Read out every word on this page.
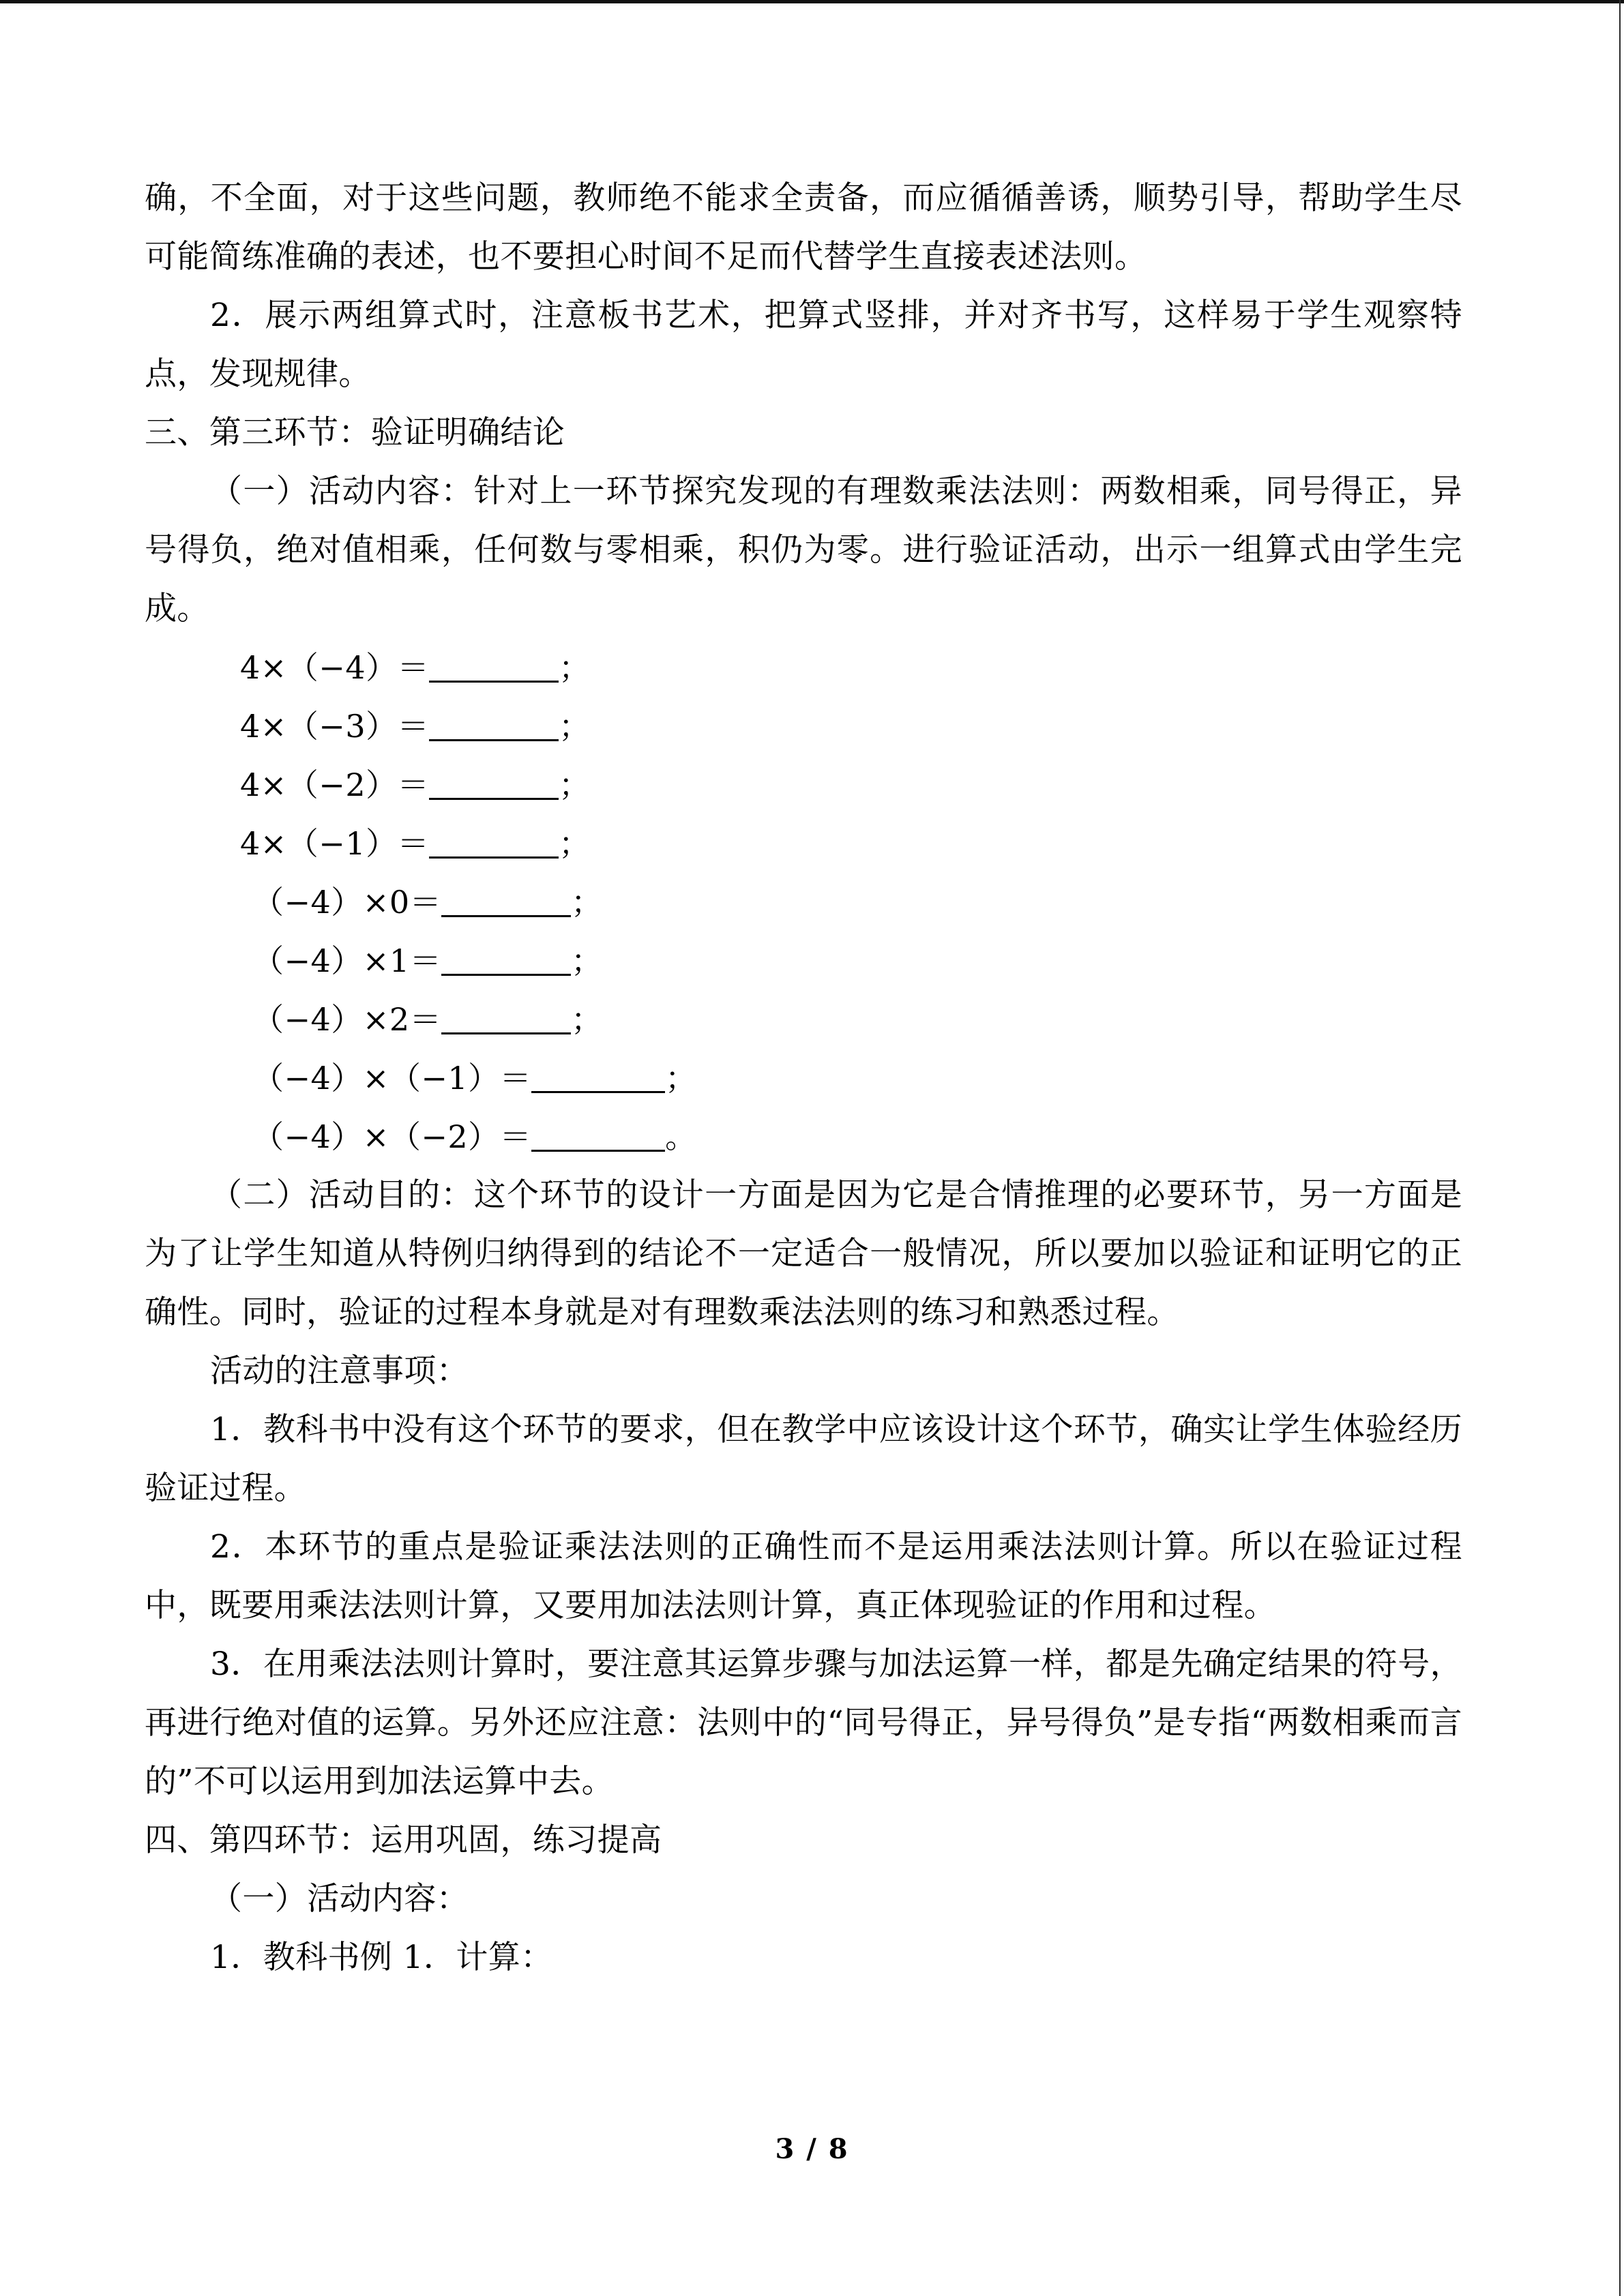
确，不全面，对于这些问题，教师绝不能求全责备，而应循循善诱，顺势引导，帮助学生尽可能简练准确的表述，也不要担心时间不足而代替学生直接表述法则。

2．展示两组算式时，注意板书艺术，把算式竖排，并对齐书写，这样易于学生观察特点，发现规律。

三、第三环节：验证明确结论

（一）活动内容：针对上一环节探究发现的有理数乘法法则：两数相乘，同号得正，异号得负，绝对值相乘，任何数与零相乘，积仍为零。进行验证活动，出示一组算式由学生完成。

4×（−4）＝	；
4×（−3）＝	；
4×（−2）＝	；
4×（−1）＝	；
（−4）×0＝	；
（−4）×1＝	；
（−4）×2＝	；
（−4）×（−1）＝	；
（−4）×（−2）＝	。

（二）活动目的：这个环节的设计一方面是因为它是合情推理的必要环节，另一方面是为了让学生知道从特例归纳得到的结论不一定适合一般情况，所以要加以验证和证明它的正确性。同时，验证的过程本身就是对有理数乘法法则的练习和熟悉过程。

活动的注意事项：

1．教科书中没有这个环节的要求，但在教学中应该设计这个环节，确实让学生体验经历验证过程。

2．本环节的重点是验证乘法法则的正确性而不是运用乘法法则计算。所以在验证过程中，既要用乘法法则计算，又要用加法法则计算，真正体现验证的作用和过程。

3．在用乘法法则计算时，要注意其运算步骤与加法运算一样，都是先确定结果的符号，再进行绝对值的运算。另外还应注意：法则中的“同号得正，异号得负”是专指“两数相乘而言的”不可以运用到加法运算中去。

四、第四环节：运用巩固，练习提高

（一）活动内容：

1．教科书例 1．计算：

3 / 8
